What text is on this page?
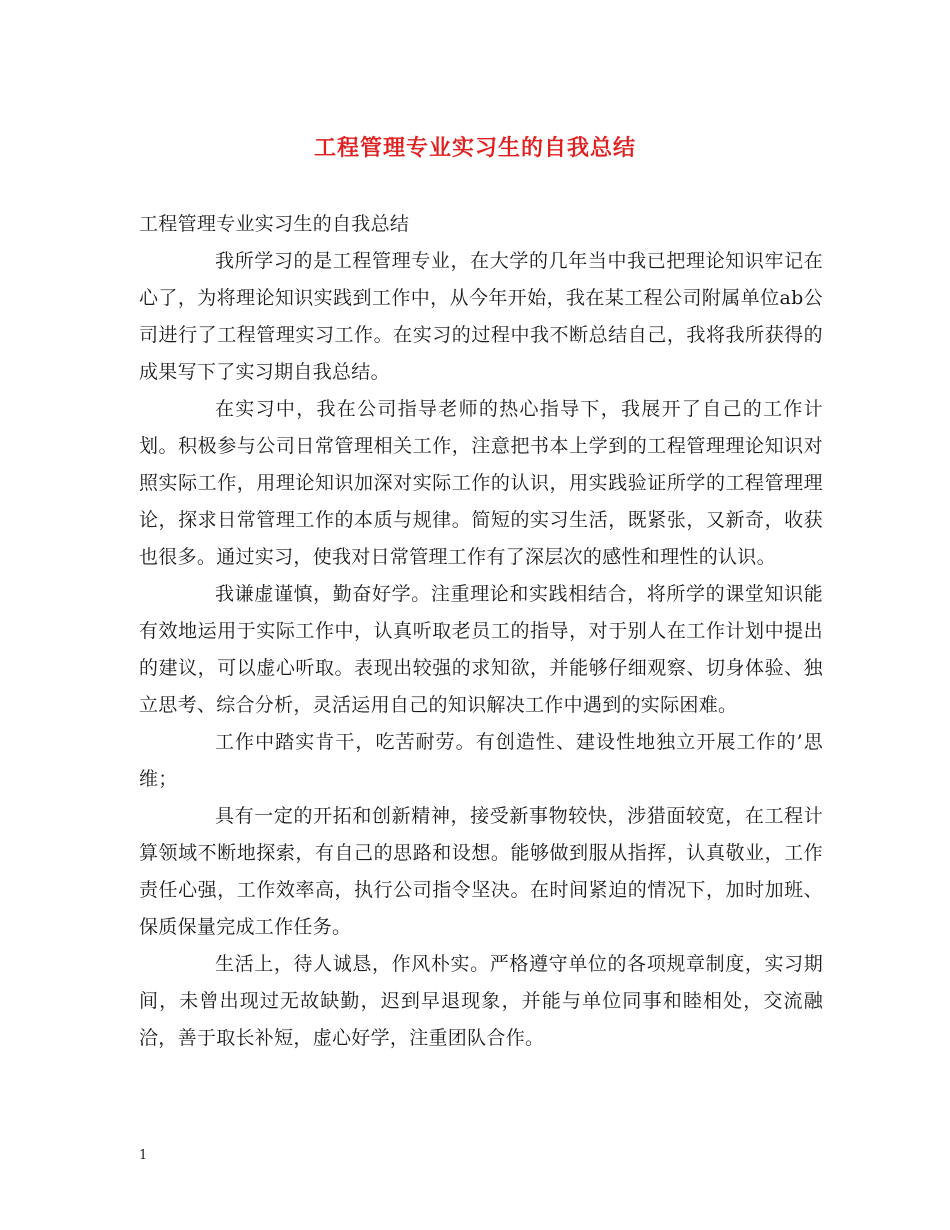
工程管理专业实习生的自我总结

工程管理专业实习生的自我总结

我所学习的是工程管理专业，在大学的几年当中我已把理论知识牢记在心了，为将理论知识实践到工作中，从今年开始，我在某工程公司附属单位ab公司进行了工程管理实习工作。在实习的过程中我不断总结自己，我将我所获得的成果写下了实习期自我总结。

在实习中，我在公司指导老师的热心指导下，我展开了自己的工作计划。积极参与公司日常管理相关工作，注意把书本上学到的工程管理理论知识对照实际工作，用理论知识加深对实际工作的认识，用实践验证所学的工程管理理论，探求日常管理工作的本质与规律。简短的实习生活，既紧张，又新奇，收获也很多。通过实习，使我对日常管理工作有了深层次的感性和理性的认识。

我谦虚谨慎，勤奋好学。注重理论和实践相结合，将所学的课堂知识能有效地运用于实际工作中，认真听取老员工的指导，对于别人在工作计划中提出的建议，可以虚心听取。表现出较强的求知欲，并能够仔细观察、切身体验、独立思考、综合分析，灵活运用自己的知识解决工作中遇到的实际困难。

工作中踏实肯干，吃苦耐劳。有创造性、建设性地独立开展工作的’思维；

具有一定的开拓和创新精神，接受新事物较快，涉猎面较宽，在工程计算领域不断地探索，有自己的思路和设想。能够做到服从指挥，认真敬业，工作责任心强，工作效率高，执行公司指令坚决。在时间紧迫的情况下，加时加班、保质保量完成工作任务。

生活上，待人诚恳，作风朴实。严格遵守单位的各项规章制度，实习期间，未曾出现过无故缺勤，迟到早退现象，并能与单位同事和睦相处，交流融洽，善于取长补短，虚心好学，注重团队合作。

1
